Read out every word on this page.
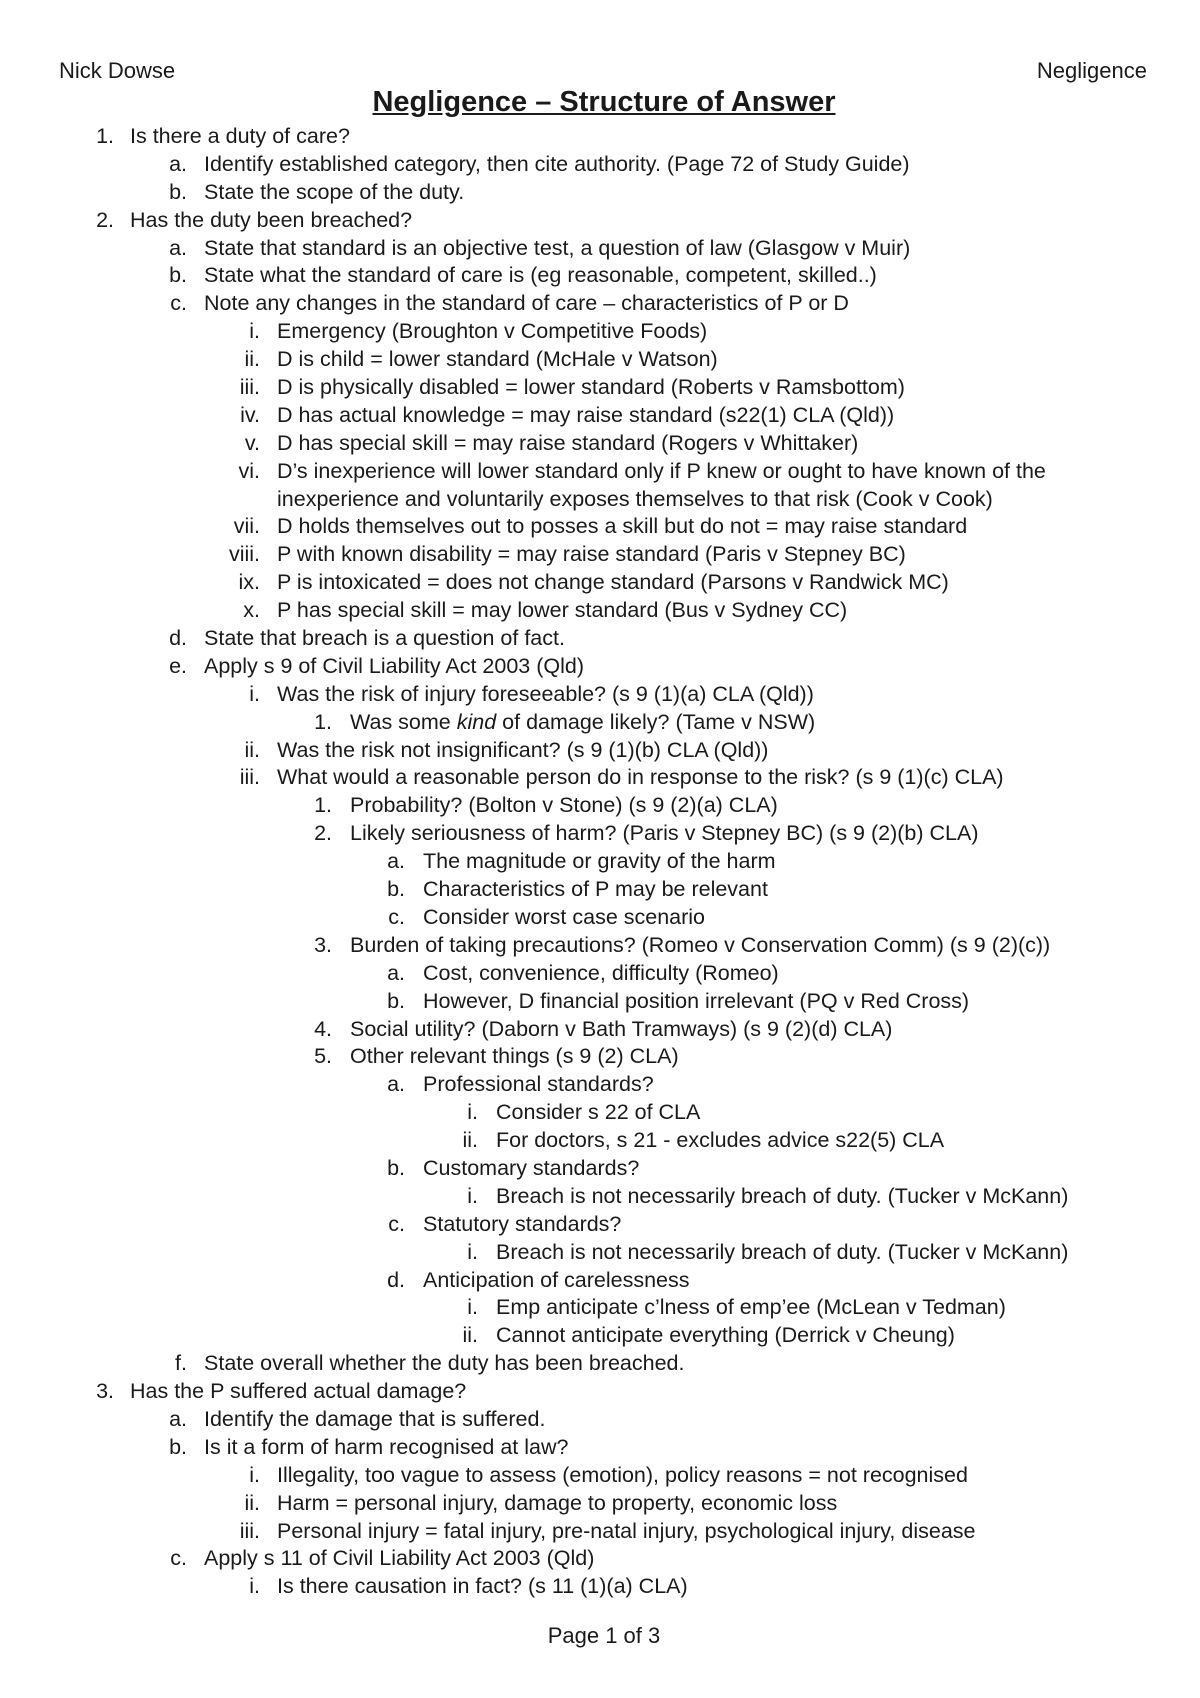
Nick Dowse	Negligence
Negligence – Structure of Answer
1. Is there a duty of care?
a. Identify established category, then cite authority. (Page 72 of Study Guide)
b. State the scope of the duty.
2. Has the duty been breached?
a. State that standard is an objective test, a question of law (Glasgow v Muir)
b. State what the standard of care is (eg reasonable, competent, skilled..)
c. Note any changes in the standard of care – characteristics of P or D
i. Emergency (Broughton v Competitive Foods)
ii. D is child = lower standard (McHale v Watson)
iii. D is physically disabled = lower standard (Roberts v Ramsbottom)
iv. D has actual knowledge = may raise standard (s22(1) CLA (Qld))
v. D has special skill = may raise standard (Rogers v Whittaker)
vi. D’s inexperience will lower standard only if P knew or ought to have known of the
inexperience and voluntarily exposes themselves to that risk (Cook v Cook)
vii. D holds themselves out to posses a skill but do not = may raise standard
viii. P with known disability = may raise standard (Paris v Stepney BC)
ix. P is intoxicated = does not change standard (Parsons v Randwick MC)
x. P has special skill = may lower standard (Bus v Sydney CC)
d. State that breach is a question of fact.
e. Apply s 9 of Civil Liability Act 2003 (Qld)
i. Was the risk of injury foreseeable? (s 9 (1)(a) CLA (Qld))
1. Was some kind of damage likely? (Tame v NSW)
ii. Was the risk not insignificant? (s 9 (1)(b) CLA (Qld))
iii. What would a reasonable person do in response to the risk? (s 9 (1)(c) CLA)
1. Probability? (Bolton v Stone) (s 9 (2)(a) CLA)
2. Likely seriousness of harm? (Paris v Stepney BC) (s 9 (2)(b) CLA)
a. The magnitude or gravity of the harm
b. Characteristics of P may be relevant
c. Consider worst case scenario
3. Burden of taking precautions? (Romeo v Conservation Comm) (s 9 (2)(c))
a. Cost, convenience, difficulty (Romeo)
b. However, D financial position irrelevant (PQ v Red Cross)
4. Social utility? (Daborn v Bath Tramways) (s 9 (2)(d) CLA)
5. Other relevant things (s 9 (2) CLA)
a. Professional standards?
i. Consider s 22 of CLA
ii. For doctors, s 21 - excludes advice s22(5) CLA
b. Customary standards?
i. Breach is not necessarily breach of duty. (Tucker v McKann)
c. Statutory standards?
i. Breach is not necessarily breach of duty. (Tucker v McKann)
d. Anticipation of carelessness
i. Emp anticipate c’lness of emp’ee (McLean v Tedman)
ii. Cannot anticipate everything (Derrick v Cheung)
f. State overall whether the duty has been breached.
3. Has the P suffered actual damage?
a. Identify the damage that is suffered.
b. Is it a form of harm recognised at law?
i. Illegality, too vague to assess (emotion), policy reasons = not recognised
ii. Harm = personal injury, damage to property, economic loss
iii. Personal injury = fatal injury, pre-natal injury, psychological injury, disease
c. Apply s 11 of Civil Liability Act 2003 (Qld)
i. Is there causation in fact? (s 11 (1)(a) CLA)
Page 1 of 3
